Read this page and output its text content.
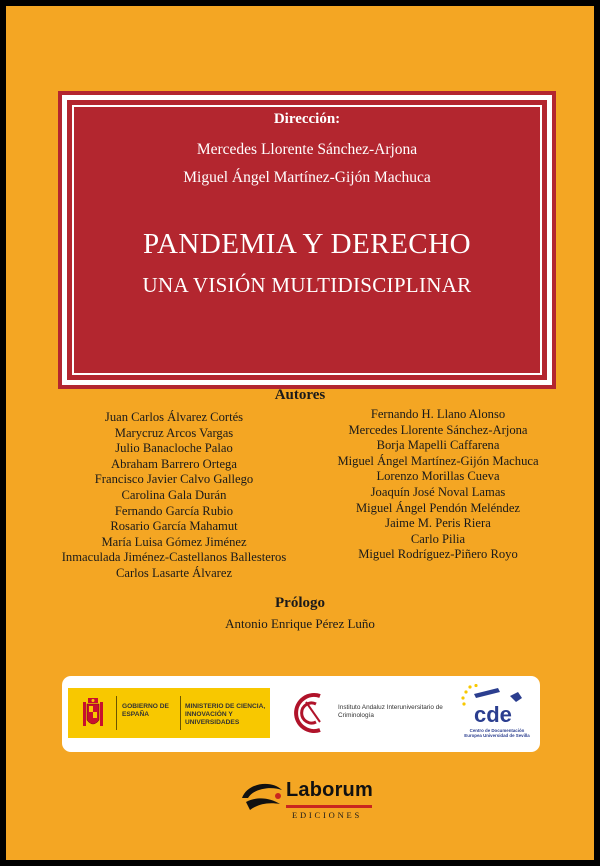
Dirección:
Mercedes Llorente Sánchez-Arjona
Miguel Ángel Martínez-Gijón Machuca
PANDEMIA Y DERECHO
UNA VISIÓN MULTIDISCIPLINAR
Autores
Juan Carlos Álvarez Cortés
Marycruz Arcos Vargas
Julio Banacloche Palao
Abraham Barrero Ortega
Francisco Javier Calvo Gallego
Carolina Gala Durán
Fernando García Rubio
Rosario García Mahamut
María Luisa Gómez Jiménez
Inmaculada Jiménez-Castellanos Ballesteros
Carlos Lasarte Álvarez
Fernando H. Llano Alonso
Mercedes Llorente Sánchez-Arjona
Borja Mapelli Caffarena
Miguel Ángel Martínez-Gijón Machuca
Lorenzo Morillas Cueva
Joaquín José Noval Lamas
Miguel Ángel Pendón Meléndez
Jaime M. Peris Riera
Carlo Pilia
Miguel Rodríguez-Piñero Royo
Prólogo
Antonio Enrique Pérez Luño
GOBIERNO DE ESPAÑA
MINISTERIO DE CIENCIA, INNOVACIÓN Y UNIVERSIDADES
Instituto Andaluz Interuniversitario de Criminología	cde
Centro de Documentación Europea Universidad de Sevilla
Laborum
EDICIONES
